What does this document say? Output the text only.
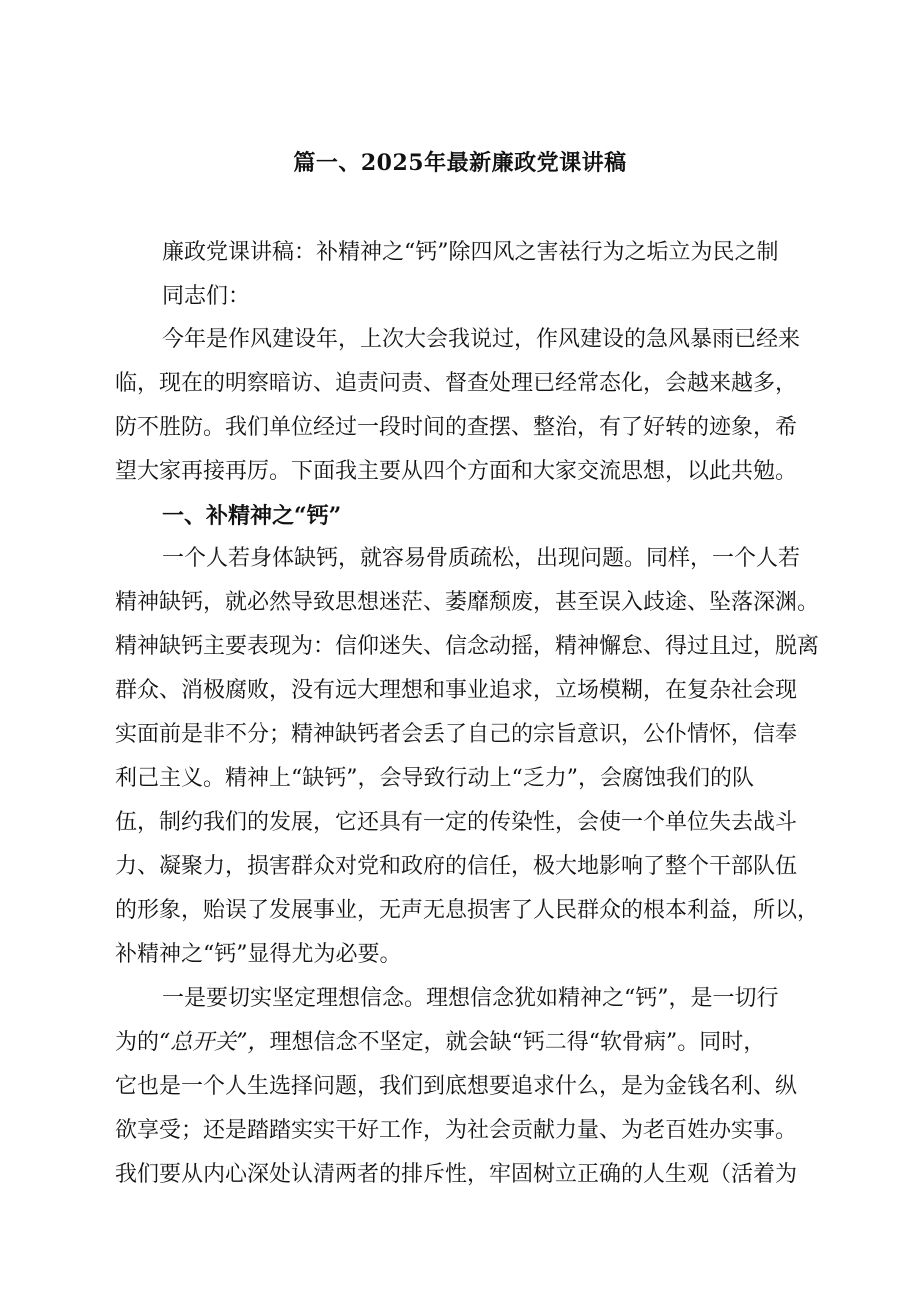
篇一、2025年最新廉政党课讲稿
廉政党课讲稿：补精神之“钙”除四风之害祛行为之垢立为民之制
同志们：
今年是作风建设年，上次大会我说过，作风建设的急风暴雨已经来
临，现在的明察暗访、追责问责、督查处理已经常态化，会越来越多，
防不胜防。我们单位经过一段时间的查摆、整治，有了好转的迹象，希
望大家再接再厉。下面我主要从四个方面和大家交流思想，以此共勉。
一、补精神之“钙”
一个人若身体缺钙，就容易骨质疏松，出现问题。同样，一个人若
精神缺钙，就必然导致思想迷茫、萎靡颓废，甚至误入歧途、坠落深渊。
精神缺钙主要表现为：信仰迷失、信念动摇，精神懈怠、得过且过，脱离
群众、消极腐败，没有远大理想和事业追求，立场模糊，在复杂社会现
实面前是非不分；精神缺钙者会丢了自己的宗旨意识，公仆情怀，信奉
利己主义。精神上“缺钙”，会导致行动上“乏力”，会腐蚀我们的队
伍，制约我们的发展，它还具有一定的传染性，会使一个单位失去战斗
力、凝聚力，损害群众对党和政府的信任，极大地影响了整个干部队伍
的形象，贻误了发展事业，无声无息损害了人民群众的根本利益，所以，
补精神之“钙”显得尤为必要。
一是要切实坚定理想信念。理想信念犹如精神之“钙”，是一切行
为的“总开关”，理想信念不坚定，就会缺“钙二得“软骨病”。同时，
它也是一个人生选择问题，我们到底想要追求什么，是为金钱名利、纵
欲享受；还是踏踏实实干好工作，为社会贡献力量、为老百姓办实事。
我们要从内心深处认清两者的排斥性，牢固树立正确的人生观（活着为
